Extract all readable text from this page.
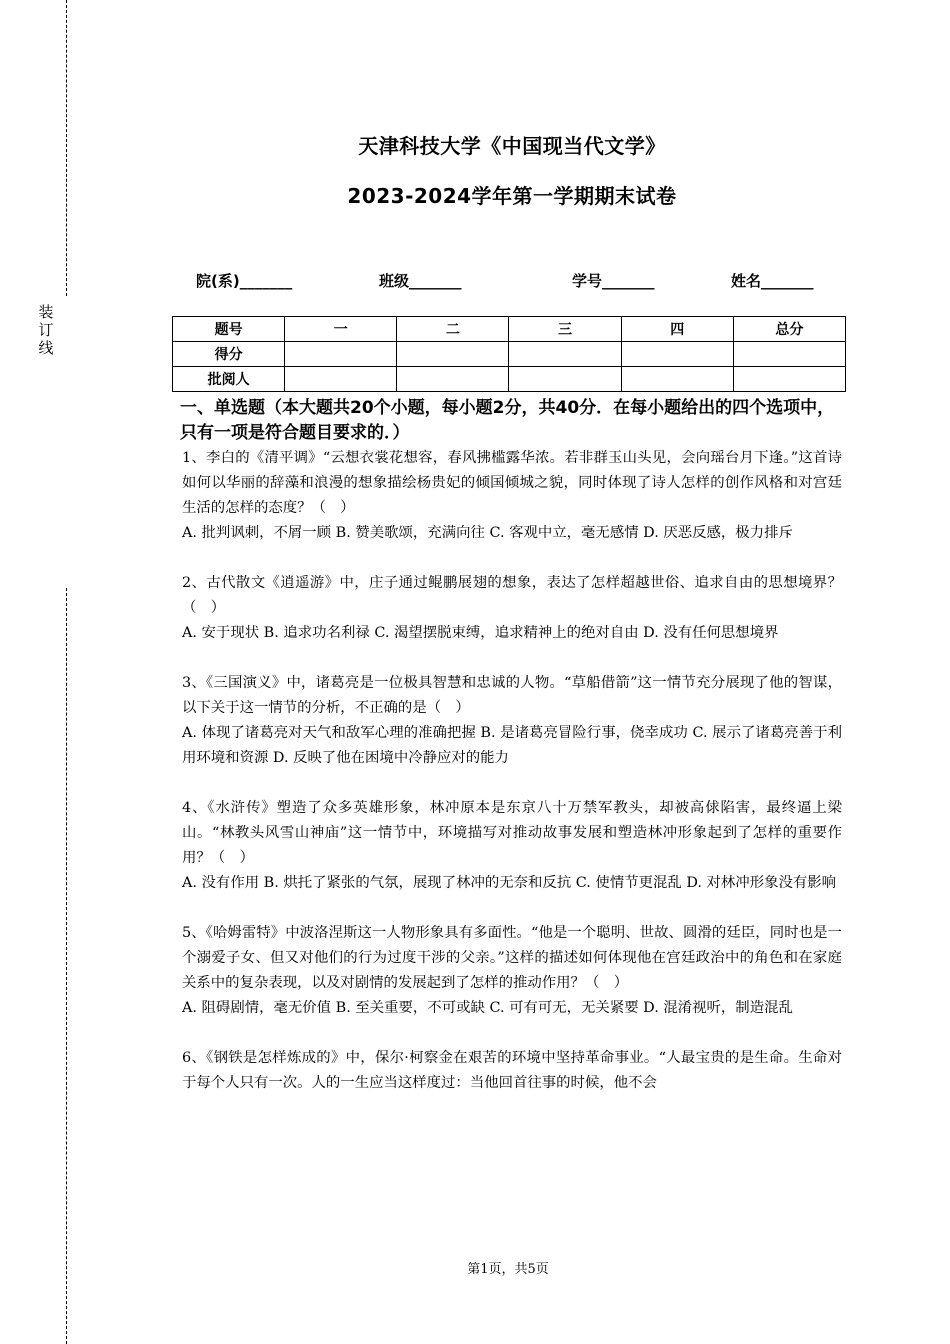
装
订
线
天津科技大学《中国现当代文学》
2023-2024学年第一学期期末试卷
院(系)_______	班级_______	学号_______	姓名_______
题号	一	二	三	四	总分
得分					
批阅人					
一、单选题（本大题共20个小题，每小题2分，共40分．在每小题给出的四个选项中，只有一项是符合题目要求的．）

1、李白的《清平调》“云想衣裳花想容，春风拂槛露华浓。若非群玉山头见，会向瑶台月下逢。”这首诗如何以华丽的辞藻和浪漫的想象描绘杨贵妃的倾国倾城之貌，同时体现了诗人怎样的创作风格和对宫廷生活的怎样的态度？（　）

A. 批判讽刺，不屑一顾 B. 赞美歌颂，充满向往 C. 客观中立，毫无感情 D. 厌恶反感，极力排斥

2、古代散文《逍遥游》中，庄子通过鲲鹏展翅的想象，表达了怎样超越世俗、追求自由的思想境界？（　）

A. 安于现状 B. 追求功名利禄 C. 渴望摆脱束缚，追求精神上的绝对自由 D. 没有任何思想境界

3、《三国演义》中，诸葛亮是一位极具智慧和忠诚的人物。“草船借箭”这一情节充分展现了他的智谋，以下关于这一情节的分析，不正确的是（　）

A. 体现了诸葛亮对天气和敌军心理的准确把握 B. 是诸葛亮冒险行事，侥幸成功 C. 展示了诸葛亮善于利用环境和资源 D. 反映了他在困境中冷静应对的能力

4、《水浒传》塑造了众多英雄形象，林冲原本是东京八十万禁军教头，却被高俅陷害，最终逼上梁山。“林教头风雪山神庙”这一情节中，环境描写对推动故事发展和塑造林冲形象起到了怎样的重要作用？（　）

A. 没有作用 B. 烘托了紧张的气氛，展现了林冲的无奈和反抗 C. 使情节更混乱 D. 对林冲形象没有影响

5、《哈姆雷特》中波洛涅斯这一人物形象具有多面性。“他是一个聪明、世故、圆滑的廷臣，同时也是一个溺爱子女、但又对他们的行为过度干涉的父亲。”这样的描述如何体现他在宫廷政治中的角色和在家庭关系中的复杂表现，以及对剧情的发展起到了怎样的推动作用？（　）

A. 阻碍剧情，毫无价值 B. 至关重要，不可或缺 C. 可有可无，无关紧要 D. 混淆视听，制造混乱

6、《钢铁是怎样炼成的》中，保尔·柯察金在艰苦的环境中坚持革命事业。“人最宝贵的是生命。生命对于每个人只有一次。人的一生应当这样度过：当他回首往事的时候，他不会

第1页，共5页
